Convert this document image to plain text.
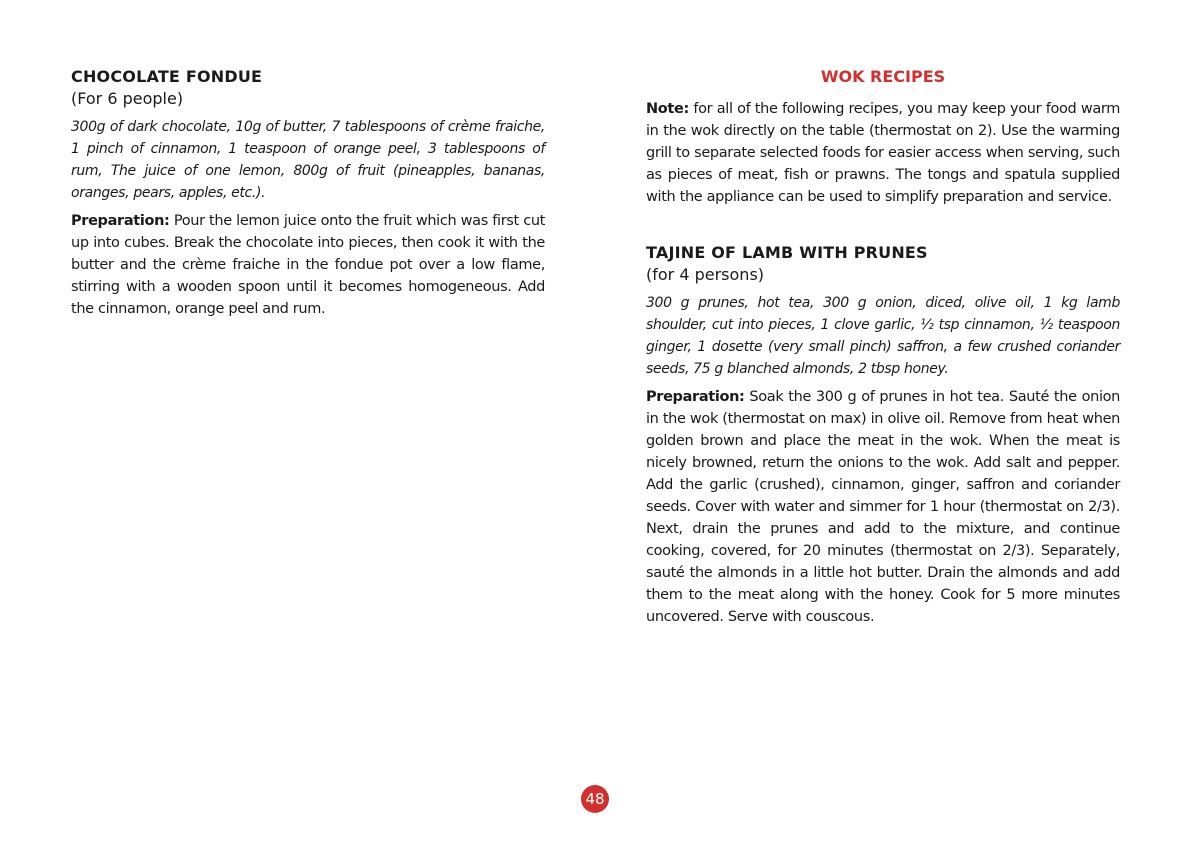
CHOCOLATE FONDUE

(For 6 people)

300g of dark chocolate, 10g of butter, 7 tablespoons of crème fraiche, 1 pinch of cinnamon, 1 teaspoon of orange peel, 3 tablespoons of rum, The juice of one lemon, 800g of fruit (pineapples, bananas, oranges, pears, apples, etc.).

Preparation: Pour the lemon juice onto the fruit which was first cut up into cubes. Break the chocolate into pieces, then cook it with the butter and the crème fraiche in the fondue pot over a low flame, stirring with a wooden spoon until it becomes homogeneous. Add the cinnamon, orange peel and rum.

WOK RECIPES

Note: for all of the following recipes, you may keep your food warm in the wok directly on the table (thermostat on 2). Use the warming grill to separate selected foods for easier access when serving, such as pieces of meat, fish or prawns. The tongs and spatula supplied with the appliance can be used to simplify preparation and service.

TAJINE OF LAMB WITH PRUNES

(for 4 persons)

300 g prunes, hot tea, 300 g onion, diced, olive oil, 1 kg lamb shoulder, cut into pieces, 1 clove garlic, ½ tsp cinnamon, ½ teaspoon ginger, 1 dosette (very small pinch) saffron, a few crushed coriander seeds, 75 g blanched almonds, 2 tbsp honey.

Preparation: Soak the 300 g of prunes in hot tea. Sauté the onion in the wok (thermostat on max) in olive oil. Remove from heat when golden brown and place the meat in the wok. When the meat is nicely browned, return the onions to the wok. Add salt and pepper. Add the garlic (crushed), cinnamon, ginger, saffron and coriander seeds. Cover with water and simmer for 1 hour (thermostat on 2/3). Next, drain the prunes and add to the mixture, and continue cooking, covered, for 20 minutes (thermostat on 2/3). Separately, sauté the almonds in a little hot butter. Drain the almonds and add them to the meat along with the honey. Cook for 5 more minutes uncovered. Serve with couscous.

48
